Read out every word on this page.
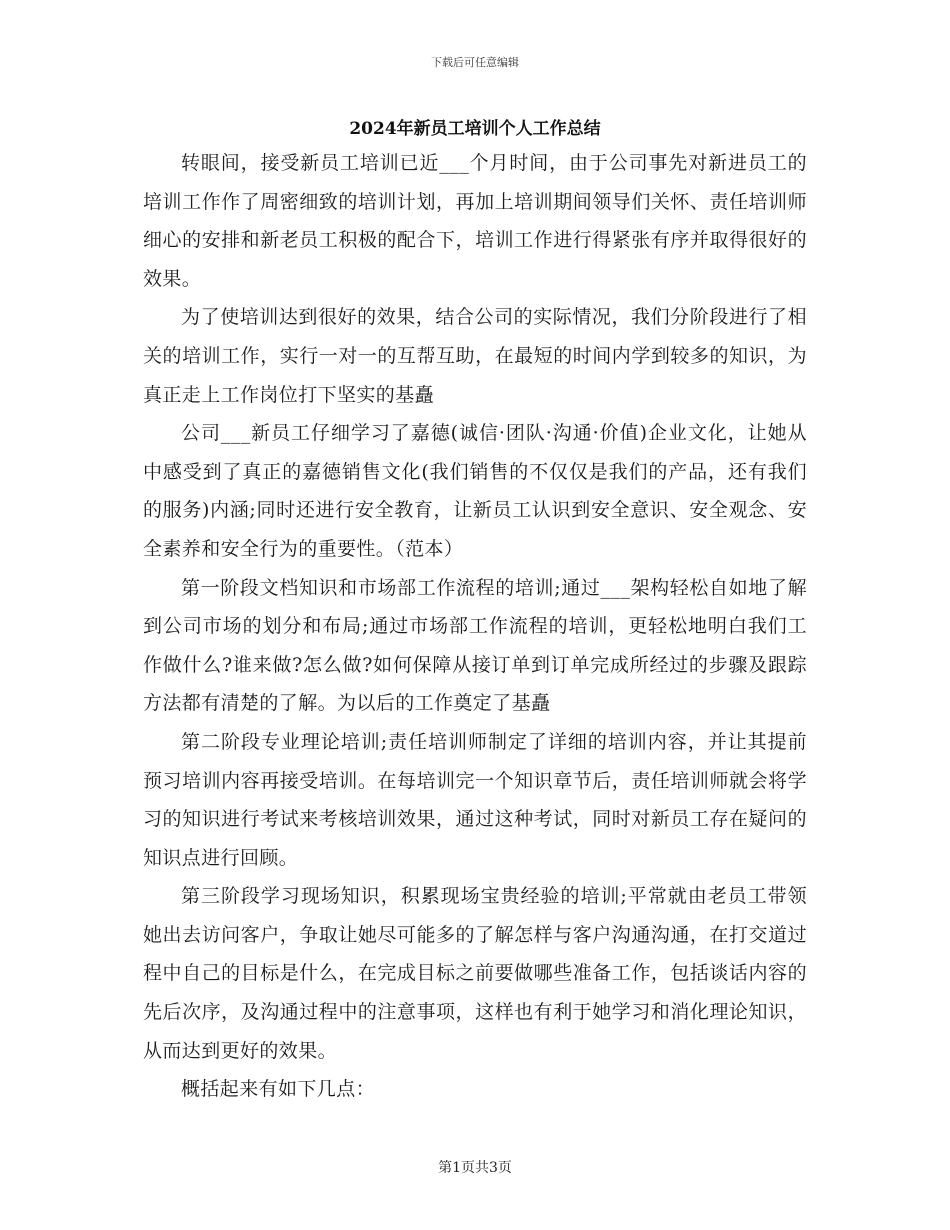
下载后可任意编辑
2024年新员工培训个人工作总结

转眼间，接受新员工培训已近___个月时间，由于公司事先对新进员工的培训工作作了周密细致的培训计划，再加上培训期间领导们关怀、责任培训师细心的安排和新老员工积极的配合下，培训工作进行得紧张有序并取得很好的效果。

为了使培训达到很好的效果，结合公司的实际情况，我们分阶段进行了相关的培训工作，实行一对一的互帮互助，在最短的时间内学到较多的知识，为真正走上工作岗位打下坚实的基矗

公司___新员工仔细学习了嘉德(诚信·团队·沟通·价值)企业文化，让她从中感受到了真正的嘉德销售文化(我们销售的不仅仅是我们的产品，还有我们的服务)内涵;同时还进行安全教育，让新员工认识到安全意识、安全观念、安全素养和安全行为的重要性。（范本）

第一阶段文档知识和市场部工作流程的培训;通过___架构轻松自如地了解到公司市场的划分和布局;通过市场部工作流程的培训，更轻松地明白我们工作做什么?谁来做?怎么做?如何保障从接订单到订单完成所经过的步骤及跟踪方法都有清楚的了解。为以后的工作奠定了基矗

第二阶段专业理论培训;责任培训师制定了详细的培训内容，并让其提前预习培训内容再接受培训。在每培训完一个知识章节后，责任培训师就会将学习的知识进行考试来考核培训效果，通过这种考试，同时对新员工存在疑问的知识点进行回顾。

第三阶段学习现场知识，积累现场宝贵经验的培训;平常就由老员工带领她出去访问客户，争取让她尽可能多的了解怎样与客户沟通沟通，在打交道过程中自己的目标是什么，在完成目标之前要做哪些准备工作，包括谈话内容的先后次序，及沟通过程中的注意事项，这样也有利于她学习和消化理论知识，从而达到更好的效果。

概括起来有如下几点：

第1页共3页
